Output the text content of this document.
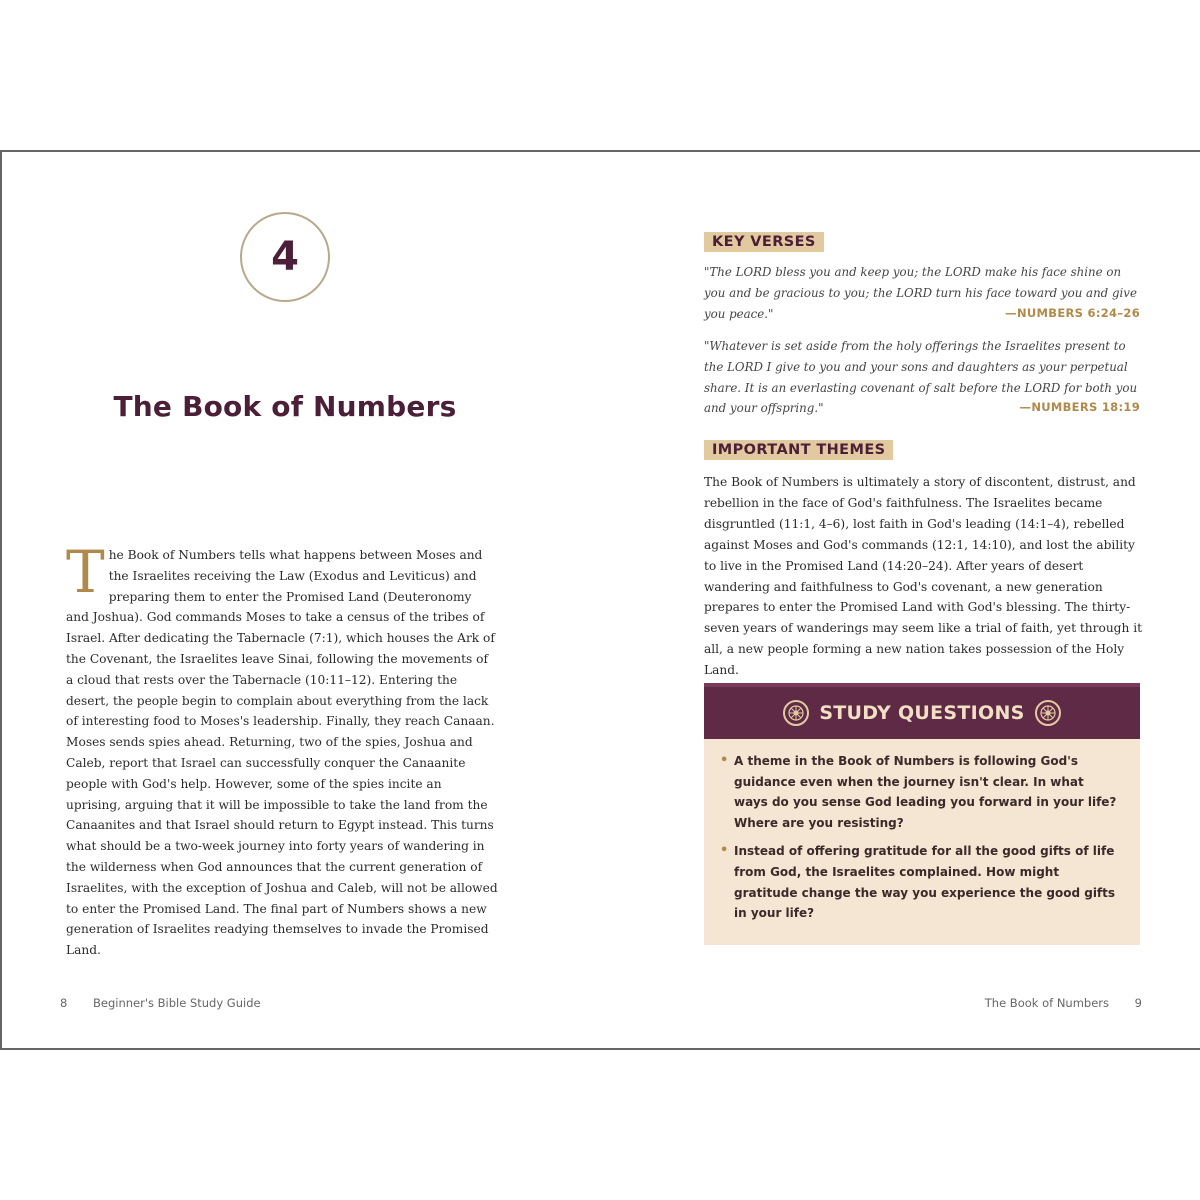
4
The Book of Numbers
T he Book of Numbers tells what happens between Moses and the Israelites receiving the Law (Exodus and Leviticus) and preparing them to enter the Promised Land (Deuteronomy and Joshua). God commands Moses to take a census of the tribes of Israel. After dedicating the Tabernacle (7:1), which houses the Ark of the Covenant, the Israelites leave Sinai, following the movements of a cloud that rests over the Tabernacle (10:11–12). Entering the desert, the people begin to complain about everything from the lack of interesting food to Moses's leadership. Finally, they reach Canaan. Moses sends spies ahead. Returning, two of the spies, Joshua and Caleb, report that Israel can successfully conquer the Canaanite people with God's help. However, some of the spies incite an uprising, arguing that it will be impossible to take the land from the Canaanites and that Israel should return to Egypt instead. This turns what should be a two-week journey into forty years of wandering in the wilderness when God announces that the current generation of Israelites, with the exception of Joshua and Caleb, will not be allowed to enter the Promised Land. The final part of Numbers shows a new generation of Israelites readying themselves to invade the Promised Land.
8 Beginner's Bible Study Guide
KEY VERSES
"The LORD bless you and keep you; the LORD make his face shine on you and be gracious to you; the LORD turn his face toward you and give you peace."	—NUMBERS 6:24–26
"Whatever is set aside from the holy offerings the Israelites present to the LORD I give to you and your sons and daughters as your perpetual share. It is an everlasting covenant of salt before the LORD for both you and your offspring."	—NUMBERS 18:19
IMPORTANT THEMES
The Book of Numbers is ultimately a story of discontent, distrust, and rebellion in the face of God's faithfulness. The Israelites became disgruntled (11:1, 4–6), lost faith in God's leading (14:1–4), rebelled against Moses and God's commands (12:1, 14:10), and lost the ability to live in the Promised Land (14:20–24). After years of desert wandering and faithfulness to God's covenant, a new generation prepares to enter the Promised Land with God's blessing. The thirty-seven years of wanderings may seem like a trial of faith, yet through it all, a new people forming a new nation takes possession of the Holy Land.
STUDY QUESTIONS
• A theme in the Book of Numbers is following God's guidance even when the journey isn't clear. In what ways do you sense God leading you forward in your life? Where are you resisting?
• Instead of offering gratitude for all the good gifts of life from God, the Israelites complained. How might gratitude change the way you experience the good gifts in your life?
The Book of Numbers 9
